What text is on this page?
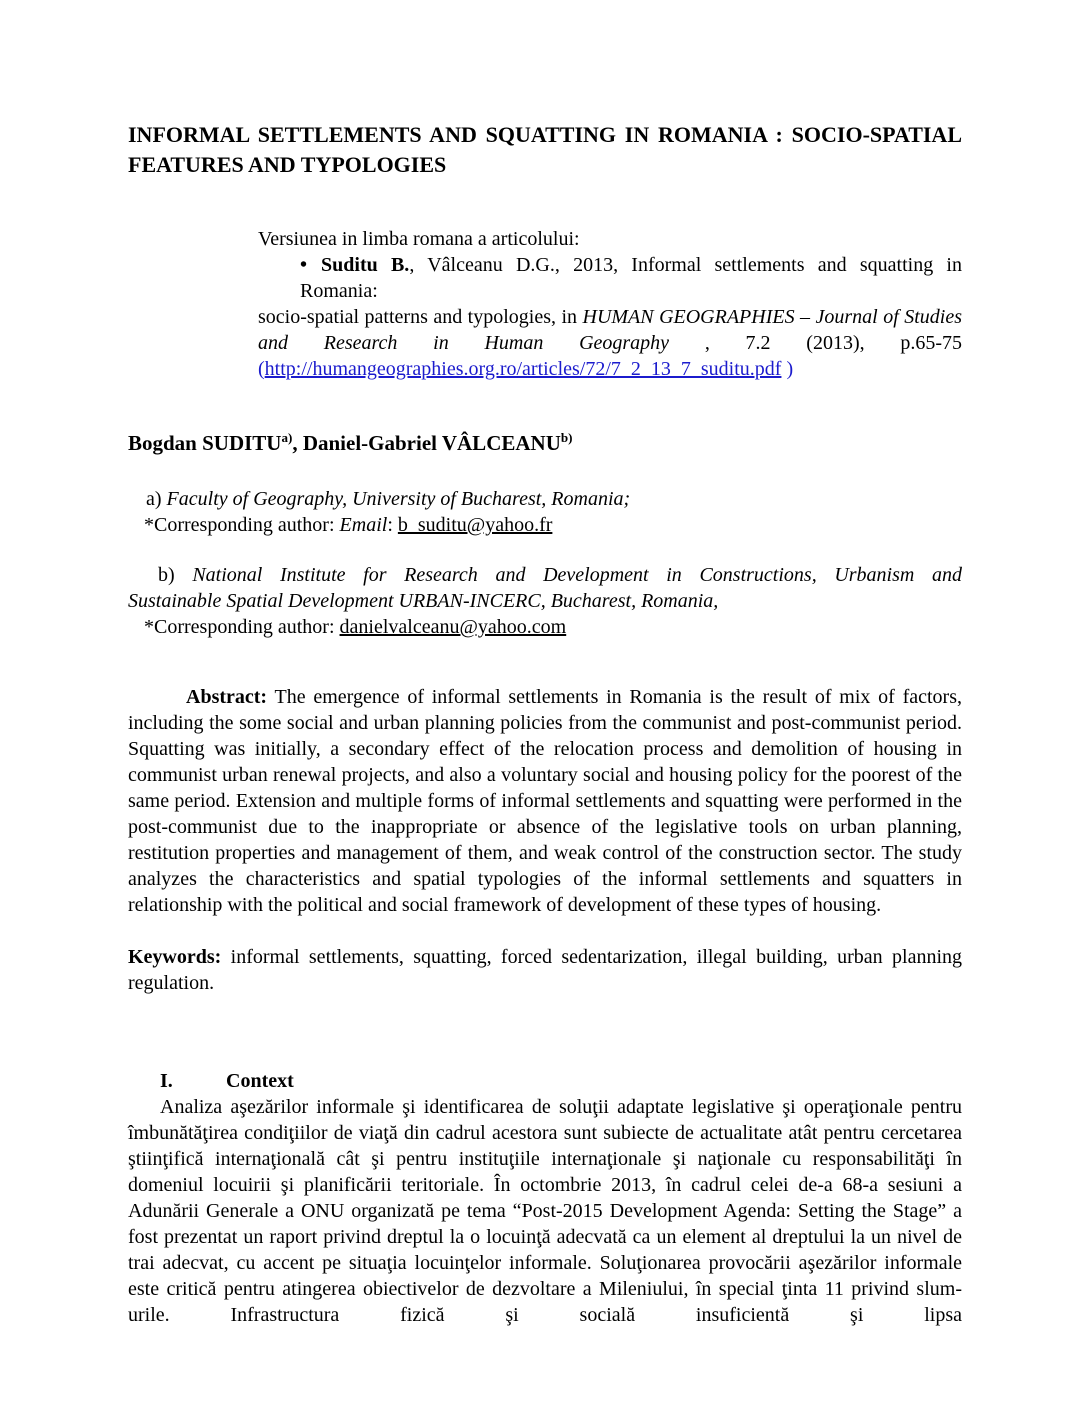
INFORMAL SETTLEMENTS AND SQUATTING IN ROMANIA : SOCIO-SPATIAL
FEATURES AND TYPOLOGIES
Versiunea in limba romana a articolului:
• Suditu B., Vâlceanu D.G., 2013, Informal settlements and squatting in Romania:
socio-spatial patterns and typologies, in HUMAN GEOGRAPHIES – Journal of Studies
and Research in Human Geography , 7.2 (2013), p.65-75
(http://humangeographies.org.ro/articles/72/7_2_13_7_suditu.pdf )
Bogdan SUDITU$^{a)}$, Daniel-Gabriel VÂLCEANU$^{b)}$
a) Faculty of Geography, University of Bucharest, Romania;
*Corresponding author: Email: b_suditu@yahoo.fr
b) National Institute for Research and Development in Constructions, Urbanism and
Sustainable Spatial Development URBAN-INCERC, Bucharest, Romania,
*Corresponding author: danielvalceanu@yahoo.com
Abstract: The emergence of informal settlements in Romania is the result of mix of factors, including the some social and urban planning policies from the communist and post-communist period. Squatting was initially, a secondary effect of the relocation process and demolition of housing in communist urban renewal projects, and also a voluntary social and housing policy for the poorest of the same period. Extension and multiple forms of informal settlements and squatting were performed in the post-communist due to the inappropriate or absence of the legislative tools on urban planning, restitution properties and management of them, and weak control of the construction sector. The study analyzes the characteristics and spatial typologies of the informal settlements and squatters in relationship with the political and social framework of development of these types of housing.
Keywords: informal settlements, squatting, forced sedentarization, illegal building, urban planning regulation.
I.	Context
Analiza aşezărilor informale şi identificarea de soluţii adaptate legislative şi operaţionale pentru îmbunătăţirea condiţiilor de viaţă din cadrul acestora sunt subiecte de actualitate atât pentru cercetarea ştiinţifică internaţională cât şi pentru instituţiile internaţionale şi naţionale cu responsabilităţi în domeniul locuirii şi planificării teritoriale. În octombrie 2013, în cadrul celei de-a 68-a sesiuni a Adunării Generale a ONU organizată pe tema “Post-2015 Development Agenda: Setting the Stage” a fost prezentat un raport privind dreptul la o locuinţă adecvată ca un element al dreptului la un nivel de trai adecvat, cu accent pe situaţia locuinţelor informale. Soluţionarea provocării aşezărilor informale este critică pentru atingerea obiectivelor de dezvoltare a Mileniului, în special ţinta 11 privind slum-urile. Infrastructura fizică şi socială insuficientă şi lipsa
